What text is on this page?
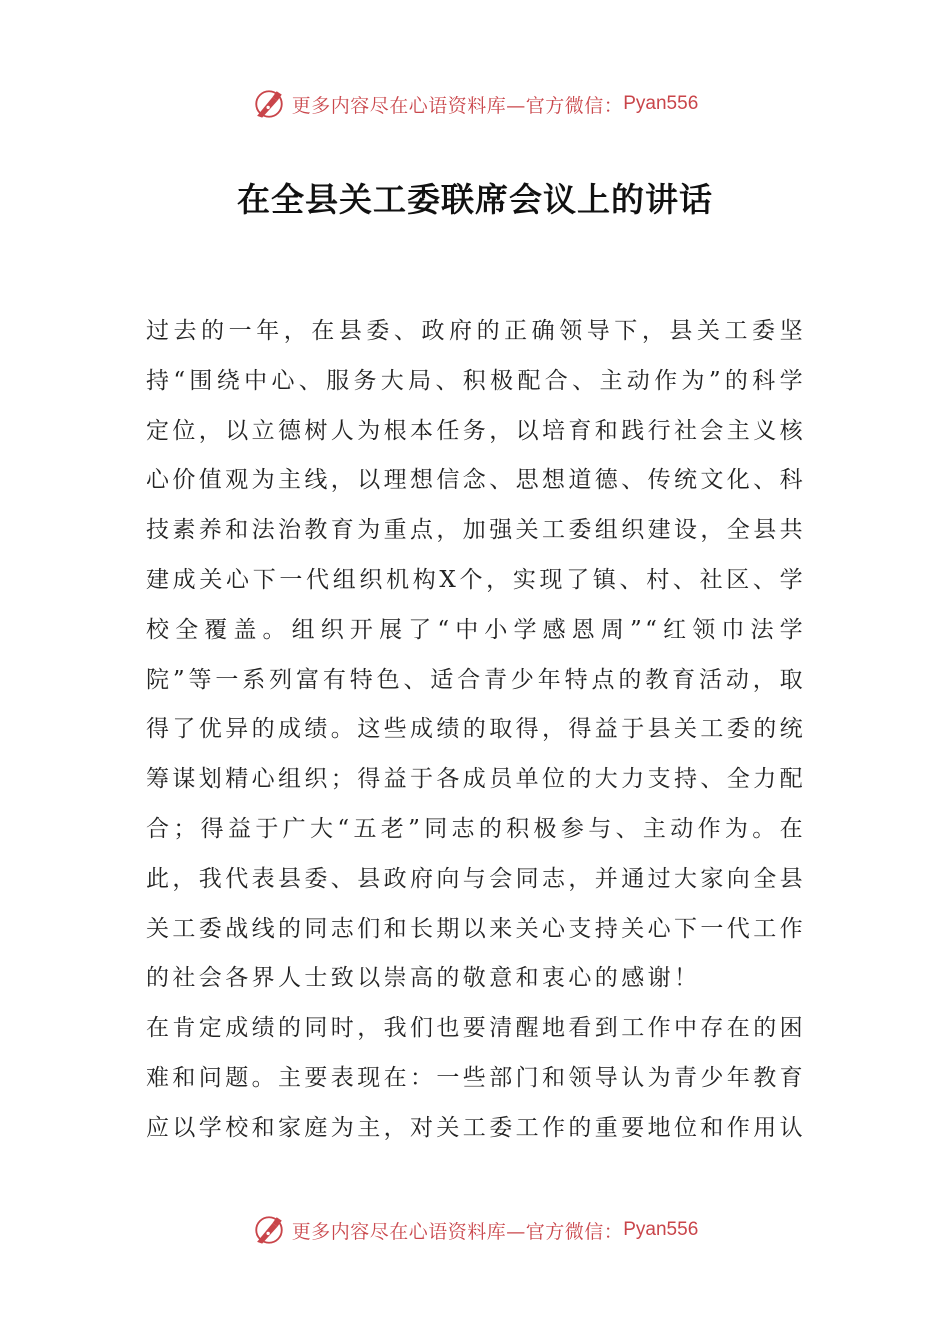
更多内容尽在心语资料库—官方微信： Pyan556
在全县关工委联席会议上的讲话

过去的一年，在县委、政府的正确领导下，县关工委坚持“围绕中心、服务大局、积极配合、主动作为”的科学定位，以立德树人为根本任务，以培育和践行社会主义核心价值观为主线，以理想信念、思想道德、传统文化、科技素养和法治教育为重点，加强关工委组织建设，全县共建成关心下一代组织机构X个，实现了镇、村、社区、学校全覆盖。组织开展了“中小学感恩周”“红领巾法学院”等一系列富有特色、适合青少年特点的教育活动，取得了优异的成绩。这些成绩的取得，得益于县关工委的统筹谋划精心组织；得益于各成员单位的大力支持、全力配合；得益于广大“五老”同志的积极参与、主动作为。在此，我代表县委、县政府向与会同志，并通过大家向全县关工委战线的同志们和长期以来关心支持关心下一代工作的社会各界人士致以崇高的敬意和衷心的感谢！

在肯定成绩的同时，我们也要清醒地看到工作中存在的困难和问题。主要表现在：一些部门和领导认为青少年教育应以学校和家庭为主，对关工委工作的重要地位和作用认

更多内容尽在心语资料库—官方微信： Pyan556
